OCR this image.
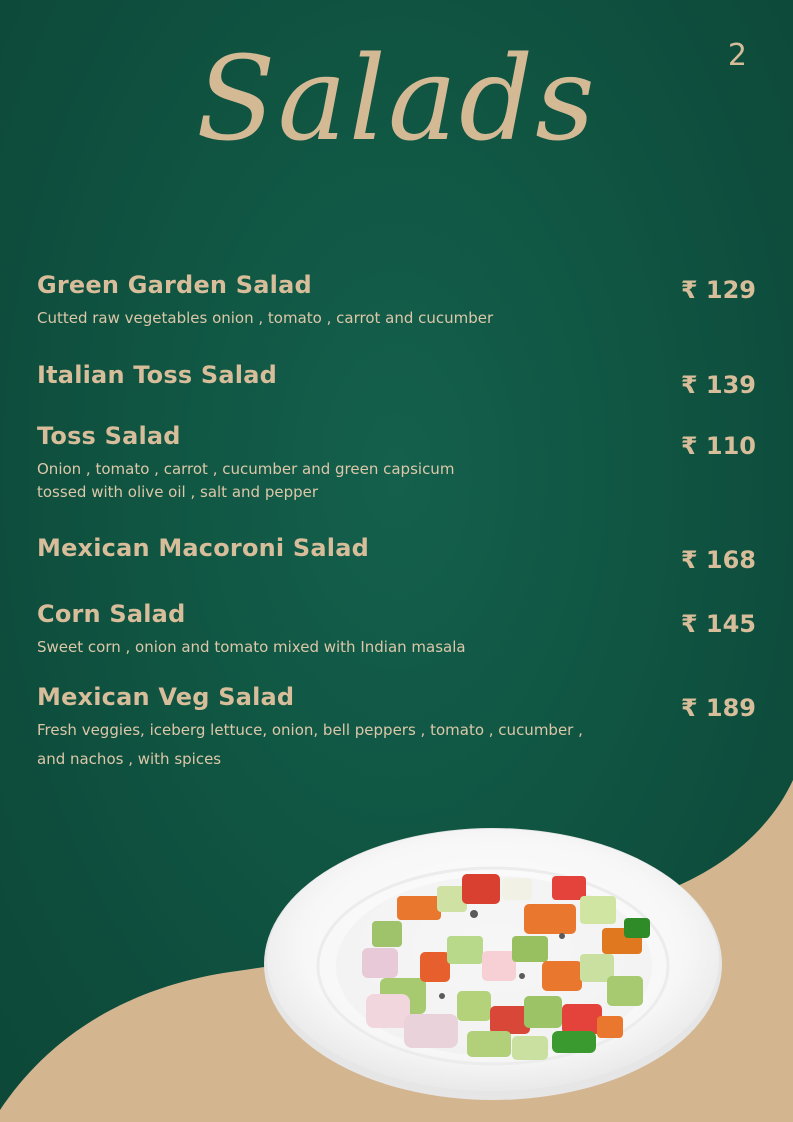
2
Salads
Green Garden Salad
Cutted raw vegetables onion , tomato , carrot and cucumber
₹ 129
Italian Toss Salad	₹ 139
Toss Salad
Onion , tomato , carrot , cucumber and green capsicum
tossed with olive oil , salt and pepper
₹ 110
Mexican Macoroni Salad	₹ 168
Corn Salad
Sweet corn , onion and tomato mixed with Indian masala
₹ 145
Mexican Veg Salad
Fresh veggies, iceberg lettuce, onion, bell peppers , tomato , cucumber ,
and nachos , with spices
₹ 189
